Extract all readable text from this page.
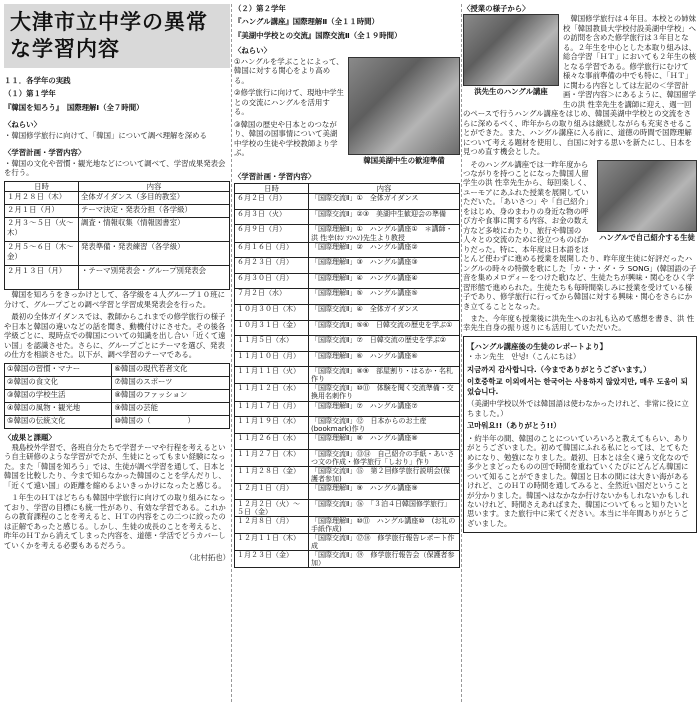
大津市立中学の異常な学習内容
１１．各学年の実践
（１）第１学年
『韓国を知ろう』　国際理解Ⅰ（全７時間）
〈ねらい〉
・韓国修学旅行に向けて、「韓国」について調べ理解を深める
〈学習計画・学習内容〉
・韓国の文化や習慣・観光地などについて調べて、学習成果発表会を行う。
日時	内容
１月２８日（木）	全体ガイダンス（多目的教室）
２月１日（月）	テーマ決定・発表分担（各学級）
２月３～５日（火～木）	調査・情報収集（情報図書室）
２月５～６日（木～金）	発表準備・発表練習（各学級）
２月１３日（月）	・テーマ別発表会・グループ別発表会
韓国を知ろうをきっかけとして、各学級を４人グループ１０班に分けて、グループごとの調べ学習と学習成果発表会を行った。
最初の全体ガイダンスでは、教師からこれまでの修学旅行の様子や日本と韓国の違いなどの話を聞き、動機付けにさせた。その後各学級ごとに、現時点での韓国についての知識を出し合い「近くて遠い国」を認識させた。さらに、グループごとにテーマを選び、発表の仕方を相談させた。以下が、調べ学習のテーマである。
①韓国の習慣・マナー	⑥韓国の現代若者文化
②韓国の食文化	⑦韓国のスポーツ
③韓国の学校生活	⑧韓国のファッション
④韓国の風物・観光地	⑨韓国の芸能
⑤韓国の伝統文化	⑩韓国の（　　　　　）
〈成果と課題〉
飛島校外学習で、各班自分たちで学習テーマや行程を考えるという自主研修のような学習がでたが、生徒にとってもまい経験になった。また「韓国を知ろう」では、生徒が調べ学習を通して、日本と韓国を比較したり、今まで知らなかった韓国のことを学んだりし、「近くて遠い国」の距離を縮めるよいきっかけになったと感じる。
１年生のＨＴはどちらも韓国中学旅行に向けての取り組みになっており、学習の目標にも統一性があり、有効な学習である。これからの教育課程のことを考えると、ＨＴの内容をこの二つに絞ったのは正解であったと感じる。しかし、生徒の成長のことを考えると、昨年のＨＴから消えてしまった内容を、道徳・学活でどうカバーしていくかを考える必要もあるだろう。
（北村拓也）
（２）第２学年
『ハングル講座』国際理解Ⅱ（全１１時間）
『美湖中学校との交流』国際交流Ⅱ（全１９時間）
〈ねらい〉
韓国美湖中生の歓迎準備
①ハングルを学ぶことによって、韓国に対する関心をより高める。
②修学旅行に向けて、現地中学生との交流にハングルを活用する。
③韓国の歴史や日本とのつながり、韓国の国事情について美湖中学校の生徒や学校教師より学ぶ。
〈学習計画・学習内容〉
日時	内容
６月２日（月）	「国際交流Ⅱ」①　全体ガイダンス
６月３日（火）	「国際交流Ⅱ」②③　美湖中生歓迎会の準備
６月９日（月）	「国際理解Ⅱ」①　ハングル講座①　＊講師・洪 性幸(ﾎﾝ ｿﾝﾍﾝ)先生より教授
６月１６日（月）	「国際理解Ⅱ」②　ハングル講座②
６月２３日（月）	「国際理解Ⅱ」③　ハングル講座③
６月３０日（月）	「国際理解Ⅱ」④　ハングル講座④
７月２日（水）	「国際理解Ⅱ」⑤　ハングル講座⑤
１０月３０日（木）	「国際交流Ⅱ」④　全体ガイダンス
１０月３１日（金）	「国際交流Ⅱ」⑤⑥　日韓交流の歴史を学ぶ①
１１月５日（水）	「国際交流Ⅱ」⑦　日韓交流の歴史を学ぶ②
１１月１０日（月）	「国際理解Ⅱ」⑥　ハングル講座⑥
１１月１１日（火）	「国際交流Ⅱ」⑧⑨　部屋割り・はるか・名札作り
１１月１２日（水）	「国際交流Ⅱ」⑩⑪　体験を聞く交流準備・交換用名刺作り
１１月１７日（月）	「国際理解Ⅱ」⑦　ハングル講座⑦
１１月１９日（水）	「国際交流Ⅱ」⑫　日本からのお土産(bookmark)作り
１１月２６日（水）	「国際理解Ⅱ」⑧　ハングル講座⑧
１１月２７日（木）	「国際交流Ⅱ」⑬⑭　自己紹介の手紙・あいさつ文の作成・修学旅行「しおり」作り
１１月２８日（金）	「国際交流Ⅱ」⑮　第２回修学旅行説明会(保護者参加)
１２月１日（月）	「国際理解Ⅱ」⑨　ハングル講座⑨
１２月２日（火）～５日（金）	「国際交流Ⅱ」⑯　「３泊４日韓国修学旅行」
１２月８日（月）	「国際理解Ⅱ」⑩⑪　ハングル講座⑩　(お礼の手紙作成)
１２月１１日（木）	「国際交流Ⅱ」⑰⑱　修学旅行報告レポート作成
１月２３日（金）	「国際交流Ⅱ」⑲　修学旅行報告会（保護者参加）
〈授業の様子から〉
洪先生のハングル講座
韓国修学旅行は４年目。本校との姉妹校「韓国教員大学校付設美湖中学校」への訪問を含めた修学旅行は３年目となる。２年生を中心とした本取り組みは、総合学習「ＨＴ」においても２年生の核となる学習である。修学旅行にむけて様々な事前準備の中でも特に、「ＨＴ」に関わる内容としては左記の＜学習計画・学習内容＞にあるように、韓国留学生の洪 性幸先生を講師に迎え、週一回のペースで行うハングル講座をはじめ、韓国美湖中学校との交流をさらに深めるべく、昨年からの取り組みは継続しながらも充実させることができた。また、ハングル講座に入る前に、道徳の時間で国際理解について考える題材を使用し、自国に対する思いを新たにし、日本を見つめ直す機会とした。
ハングルで自己紹介する生徒
そのハングル講座では一昨年度からつながりを持つことになった韓国人留学生の洪 性幸先生から、毎回楽しく、ユーモアにあふれた授業を展開していただいた。「あいさつ」や「自己紹介」をはじめ、身のまわりの身近な物の呼び方や食事に関する内容、お金の数え方など多岐にわたり、旅行や韓国の人々との交流のために役立つものばかりだった。特に、本年度は日本語をほとんど使わずに進める授業を展開したり、昨年度生徒に好評だったハングルの時々の特徴を歌にした「カ・ナ・ダ・ラ SONG」(韓国語の子音を集めメロディーをつけた歌)など、生徒たちが興味・関心をひく学習形態で進められた。生徒たちも毎時間楽しみに授業を受けている様子であり、修学旅行に行ってから韓国に対する興味・関心をさらにかき立てることとなった。
また、今年度も授業後に洪先生へのお礼も込めて感想を書き、洪 性幸先生自身の振り返りにも活用していただいた。
【ハングル講座後の生徒のレポートより】
・ホン先生　안녕!（こんにちは）
지금까지 감사합니다.（今までありがとうございます。）
이호중학교 이외에서는 한국어는 사용하지 않았지만, 매우 도움이 되었습니다.
（美湖中学校以外では韓国語は使わなかったけれど、非常に役に立ちました。）
고마워요!!（ありがとう!!）
・約半年の間、韓国のことについていろいろと教えてもらい、ありがとうございました。初めて韓国にふれる私にとっては、とてもためになり、勉強になりました。最初、日本とは全く違う文化なので多少とまどったものの回で時間を重ねていくたびにどんどん韓国について知ることができました。韓国と日本の間には大きい海があるけれど、このＨＴの時間を通してみると、全然近い国だということが分かりました。韓国へはなかなか行けないかもしれないかもしれないけれど、時間さえあればまた、韓国についてもっと知りたいと思います。また旅行中に来てください。本当に半年間ありがとうございました。
